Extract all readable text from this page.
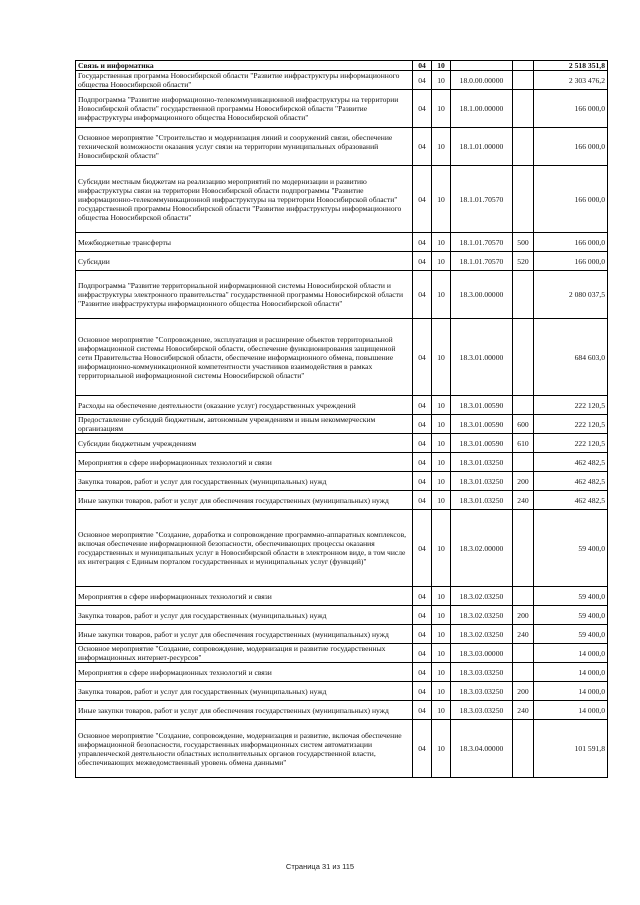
Связь и информатика	04	10			2 518 351,8
Государственная программа Новосибирской области "Развитие инфраструктуры информационного общества Новосибирской области"	04	10	18.0.00.00000		2 303 476,2
Подпрограмма "Развитие информационно-телекоммуникационной инфраструктуры на территории Новосибирской области" государственной программы Новосибирской области "Развитие инфраструктуры информационного общества Новосибирской области"	04	10	18.1.00.00000		166 000,0
Основное мероприятие "Строительство и модернизация линий и сооружений связи, обеспечение технической возможности оказания услуг связи на территории муниципальных образований Новосибирской области"	04	10	18.1.01.00000		166 000,0
Субсидии местным бюджетам на реализацию мероприятий по модернизации и развитию инфраструктуры связи на территории Новосибирской области подпрограммы "Развитие информационно-телекоммуникационной инфраструктуры на территории Новосибирской области" государственной программы Новосибирской области "Развитие инфраструктуры информационного общества Новосибирской области"	04	10	18.1.01.70570		166 000,0
Межбюджетные трансферты	04	10	18.1.01.70570	500	166 000,0
Субсидии	04	10	18.1.01.70570	520	166 000,0
Подпрограмма "Развитие территориальной информационной системы Новосибирской области и инфраструктуры электронного правительства" государственной программы Новосибирской области "Развитие инфраструктуры информационного общества Новосибирской области"	04	10	18.3.00.00000		2 080 037,5
Основное мероприятие "Сопровождение, эксплуатация и расширение объектов территориальной информационной системы Новосибирской области, обеспечение функционирования защищенной сети Правительства Новосибирской области, обеспечение информационного обмена, повышение информационно-коммуникационной компетентности участников взаимодействия в рамках территориальной информационной системы Новосибирской области"	04	10	18.3.01.00000		684 603,0
Расходы на обеспечение деятельности (оказание услуг) государственных учреждений	04	10	18.3.01.00590		222 120,5
Предоставление субсидий бюджетным, автономным учреждениям и иным некоммерческим организациям	04	10	18.3.01.00590	600	222 120,5
Субсидии бюджетным учреждениям	04	10	18.3.01.00590	610	222 120,5
Мероприятия в сфере информационных технологий и связи	04	10	18.3.01.03250		462 482,5
Закупка товаров, работ и услуг для государственных (муниципальных) нужд	04	10	18.3.01.03250	200	462 482,5
Иные закупки товаров, работ и услуг для обеспечения государственных (муниципальных) нужд	04	10	18.3.01.03250	240	462 482,5
Основное мероприятие "Создание, доработка и сопровождение программно-аппаратных комплексов, включая обеспечение информационной безопасности, обеспечивающих процессы оказания государственных и муниципальных услуг в Новосибирской области в электронном виде, в том числе их интеграция с Единым порталом государственных и муниципальных услуг (функций)"	04	10	18.3.02.00000		59 400,0
Мероприятия в сфере информационных технологий и связи	04	10	18.3.02.03250		59 400,0
Закупка товаров, работ и услуг для государственных (муниципальных) нужд	04	10	18.3.02.03250	200	59 400,0
Иные закупки товаров, работ и услуг для обеспечения государственных (муниципальных) нужд	04	10	18.3.02.03250	240	59 400,0
Основное мероприятие "Создание, сопровождение, модернизация и развитие государственных информационных интернет-ресурсов"	04	10	18.3.03.00000		14 000,0
Мероприятия в сфере информационных технологий и связи	04	10	18.3.03.03250		14 000,0
Закупка товаров, работ и услуг для государственных (муниципальных) нужд	04	10	18.3.03.03250	200	14 000,0
Иные закупки товаров, работ и услуг для обеспечения государственных (муниципальных) нужд	04	10	18.3.03.03250	240	14 000,0
Основное мероприятие "Создание, сопровождение, модернизация и развитие, включая обеспечение информационной безопасности, государственных информационных систем автоматизации управленческой деятельности областных исполнительных органов государственной власти, обеспечивающих межведомственный уровень обмена данными"	04	10	18.3.04.00000		101 591,8
Страница 31 из 115
